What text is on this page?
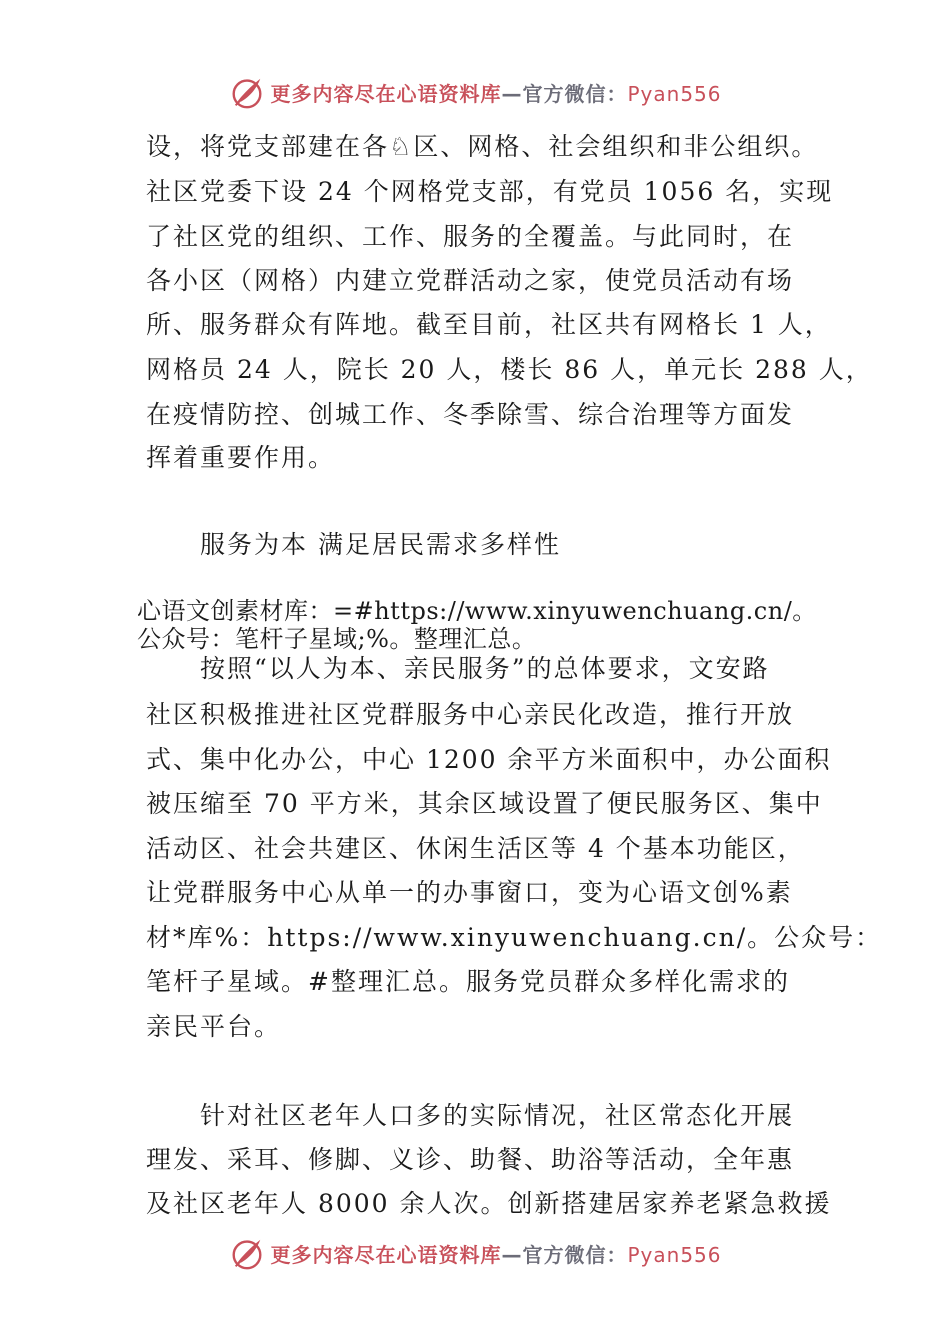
更多内容尽在心语资料库—官方微信：Pyan556
设，将党支部建在各♘区、网格、社会组织和非公组织。
社区党委下设 24 个网格党支部，有党员 1056 名，实现
了社区党的组织、工作、服务的全覆盖。与此同时，在
各小区（网格）内建立党群活动之家，使党员活动有场
所、服务群众有阵地。截至目前，社区共有网格长 1 人，
网格员 24 人，院长 20 人，楼长 86 人，单元长 288 人，
在疫情防控、创城工作、冬季除雪、综合治理等方面发
挥着重要作用。
服务为本 满足居民需求多样性
心语文创素材库：=#https://www.xinyuwenchuang.cn/。
公众号：笔杆子星域;%。整理汇总。
按照“以人为本、亲民服务”的总体要求，文安路
社区积极推进社区党群服务中心亲民化改造，推行开放
式、集中化办公，中心 1200 余平方米面积中，办公面积
被压缩至 70 平方米，其余区域设置了便民服务区、集中
活动区、社会共建区、休闲生活区等 4 个基本功能区，
让党群服务中心从单一的办事窗口，变为心语文创%素
材*库%：https://www.xinyuwenchuang.cn/。公众号：
笔杆子星域。#整理汇总。服务党员群众多样化需求的
亲民平台。
针对社区老年人口多的实际情况，社区常态化开展
理发、采耳、修脚、义诊、助餐、助浴等活动，全年惠
及社区老年人 8000 余人次。创新搭建居家养老紧急救援
更多内容尽在心语资料库—官方微信：Pyan556
